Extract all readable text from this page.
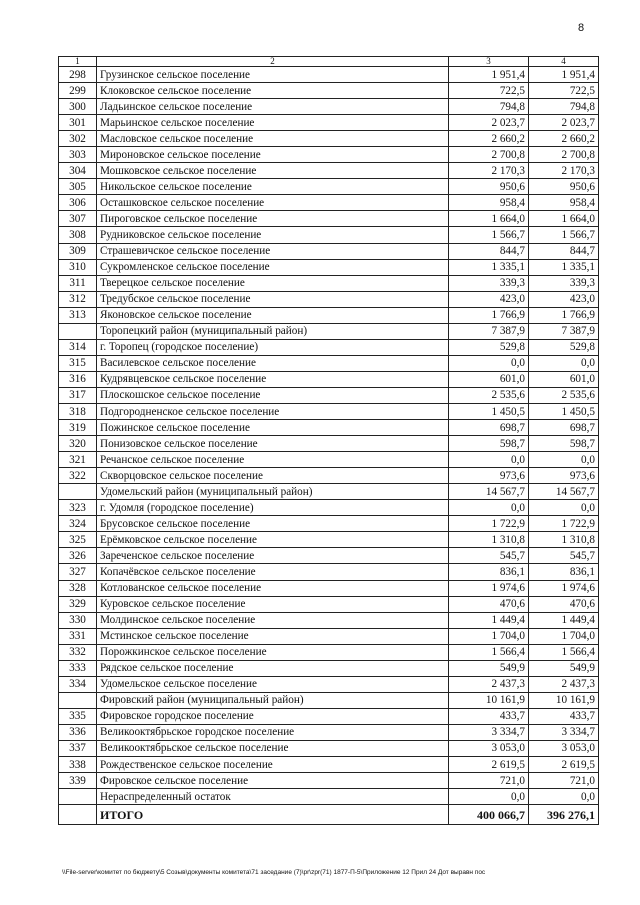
8
1	2	3	4
298	Грузинское сельское поселение	1 951,4	1 951,4
299	Клоковское сельское поселение	722,5	722,5
300	Ладьинское сельское поселение	794,8	794,8
301	Марьинское сельское поселение	2 023,7	2 023,7
302	Масловское сельское поселение	2 660,2	2 660,2
303	Мироновское сельское поселение	2 700,8	2 700,8
304	Мошковское сельское поселение	2 170,3	2 170,3
305	Никольское сельское поселение	950,6	950,6
306	Осташковское сельское поселение	958,4	958,4
307	Пироговское сельское поселение	1 664,0	1 664,0
308	Рудниковское сельское поселение	1 566,7	1 566,7
309	Страшевичское сельское поселение	844,7	844,7
310	Сукромленское сельское поселение	1 335,1	1 335,1
311	Тверецкое сельское поселение	339,3	339,3
312	Тредубское сельское поселение	423,0	423,0
313	Яконовское сельское поселение	1 766,9	1 766,9
	Торопецкий район (муниципальный район)	7 387,9	7 387,9
314	г. Торопец (городское поселение)	529,8	529,8
315	Василевское сельское поселение	0,0	0,0
316	Кудрявцевское сельское поселение	601,0	601,0
317	Плоскошское сельское поселение	2 535,6	2 535,6
318	Подгородненское сельское поселение	1 450,5	1 450,5
319	Пожинское сельское поселение	698,7	698,7
320	Понизовское сельское поселение	598,7	598,7
321	Речанское сельское поселение	0,0	0,0
322	Скворцовское сельское поселение	973,6	973,6
	Удомельский район (муниципальный район)	14 567,7	14 567,7
323	г. Удомля (городское поселение)	0,0	0,0
324	Брусовское сельское поселение	1 722,9	1 722,9
325	Ерёмковское сельское поселение	1 310,8	1 310,8
326	Зареченское сельское поселение	545,7	545,7
327	Копачёвское сельское поселение	836,1	836,1
328	Котлованское сельское поселение	1 974,6	1 974,6
329	Куровское сельское поселение	470,6	470,6
330	Молдинское сельское поселение	1 449,4	1 449,4
331	Мстинское сельское поселение	1 704,0	1 704,0
332	Порожкинское сельское поселение	1 566,4	1 566,4
333	Рядское сельское поселение	549,9	549,9
334	Удомельское сельское поселение	2 437,3	2 437,3
	Фировский район (муниципальный район)	10 161,9	10 161,9
335	Фировское городское поселение	433,7	433,7
336	Великооктябрьское городское поселение	3 334,7	3 334,7
337	Великооктябрьское сельское поселение	3 053,0	3 053,0
338	Рождественское сельское поселение	2 619,5	2 619,5
339	Фировское сельское поселение	721,0	721,0
	Нераспределенный остаток	0,0	0,0
	ИТОГО	400 066,7	396 276,1
\\File-server\комитет по бюджету\5 Созыв\документы комитета\71 заседание (7)\pr\zpr(71) 1877-П-5\Приложение 12 Прил 24 Дот выравн пос
